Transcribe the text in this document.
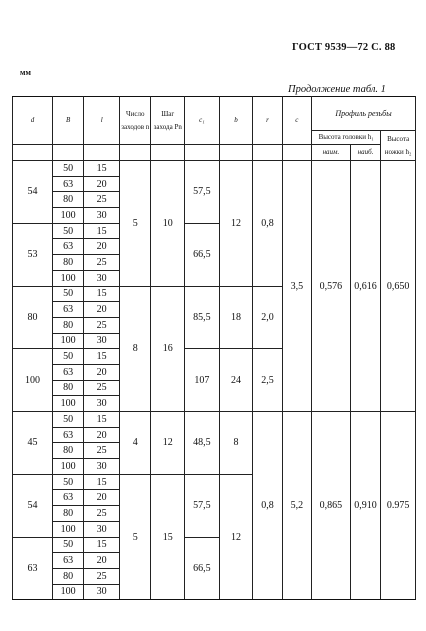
ГОСТ 9539—72 С. 88
мм
Продолжение табл. 1
d	B	l	Число заходов n	Шаг захода Pn	c₁	b	r	c	Профиль резьбы		
									Высота головки h₁		Высота ножки h₂
									наим.	наиб.	
54	50	15	5	10	57,5	12	0,8	3,5	0,576	0,616	0,650
	63	20									
	80	25									
	100	30									
53	50	15			66,5						
	63	20									
	80	25									
	100	30									
80	50	15	8	16	85,5	18	2,0				
	63	20									
	80	25									
	100	30									
100	50	15			107	24	2,5				
	63	20									
	80	25									
	100	30									
45	50	15	4	12	48,5	8	0,8	5,2	0,865	0,910	0.975
	63	20									
	80	25									
	100	30									
54	50	15	5	15	57,5	12					
	63	20									
	80	25									
	100	30									
63	50	15			66,5						
	63	20									
	80	25									
	100	30									
